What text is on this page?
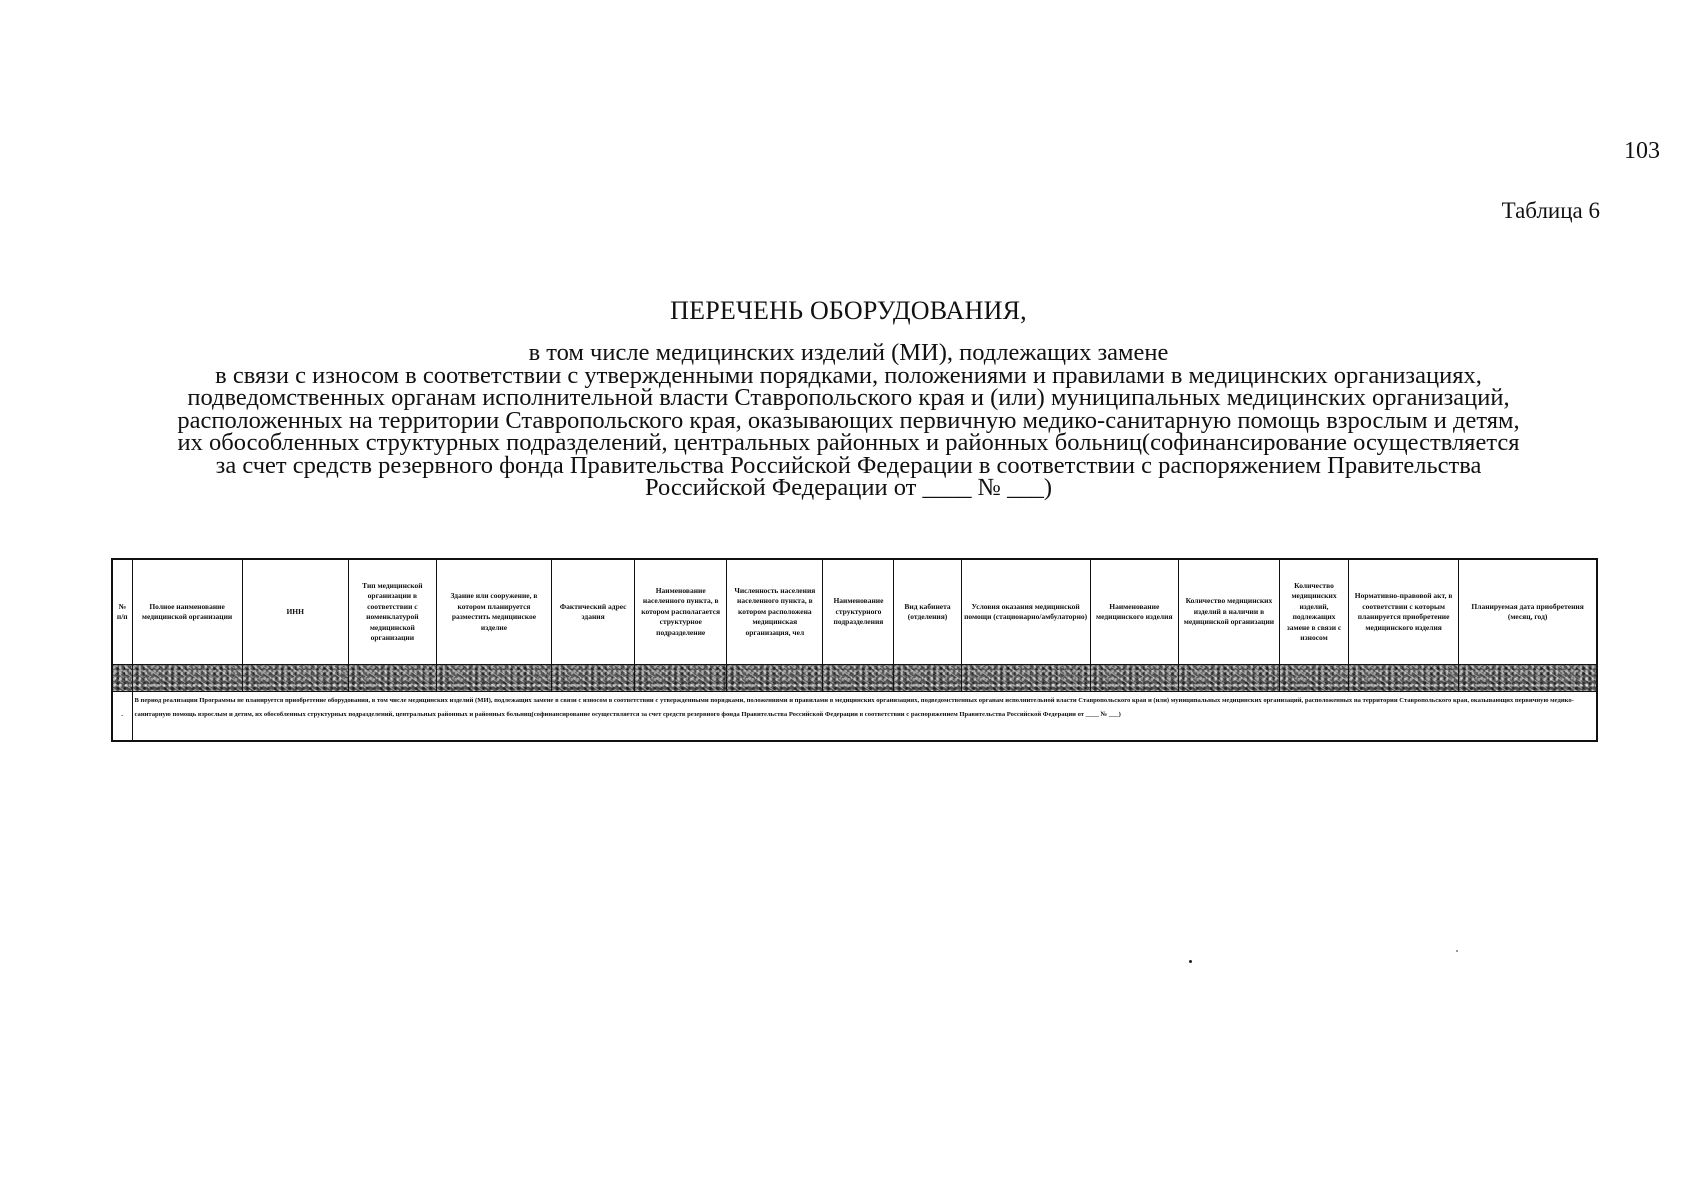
103
Таблица 6
ПЕРЕЧЕНЬ ОБОРУДОВАНИЯ,
в том числе медицинских изделий (МИ), подлежащих замене
в связи с износом в соответствии с утвержденными порядками, положениями и правилами в медицинских организациях,
подведомственных органам исполнительной власти Ставропольского края и (или) муниципальных медицинских организаций,
расположенных на территории Ставропольского края, оказывающих первичную медико-санитарную помощь взрослым и детям,
их обособленных структурных подразделений, центральных районных и районных больниц(софинансирование осуществляется
за счет средств резервного фонда Правительства Российской Федерации в соответствии с распоряжением Правительства
Российской Федерации от ____ № ___)
№ п/п	Полное наименование медицинской организации	ИНН	Тип медицинской организации в соответствии с номенклатурой медицинской организации	Здание или сооружение, в котором планируется разместить медицинское изделие	Фактический адрес здания	Наименование населенного пункта, в котором располагается структурное подразделение	Численность населения населенного пункта, в котором расположена медицинская организация, чел	Наименование структурного подразделения	Вид кабинета (отделения)	Условия оказания медицинской помощи (стационарно/амбулаторно)	Наименование медицинского изделия	Количество медицинских изделий в наличии в медицинской организации	Количество медицинских изделий, подлежащих замене в связи с износом	Нормативно-правовой акт, в соответствии с которым планируется приобретение медицинского изделия	Планируемая дата приобретения (месяц, год)

-	В период реализации Программы не планируется приобретение оборудования, в том числе медицинских изделий (МИ), подлежащих замене в связи с износом в соответствии с утвержденными порядками, положениями и правилами в медицинских организациях, подведомственных органам исполнительной власти Ставропольского края и (или) муниципальных медицинских организаций, расположенных на территории Ставропольского края, оказывающих первичную медико-санитарную помощь взрослым и детям, их обособленных структурных подразделений, центральных районных и районных больниц(софинансирование осуществляется за счет средств резервного фонда Правительства Российской Федерации в соответствии с распоряжением Правительства Российской Федерации от ____ № ___)														
